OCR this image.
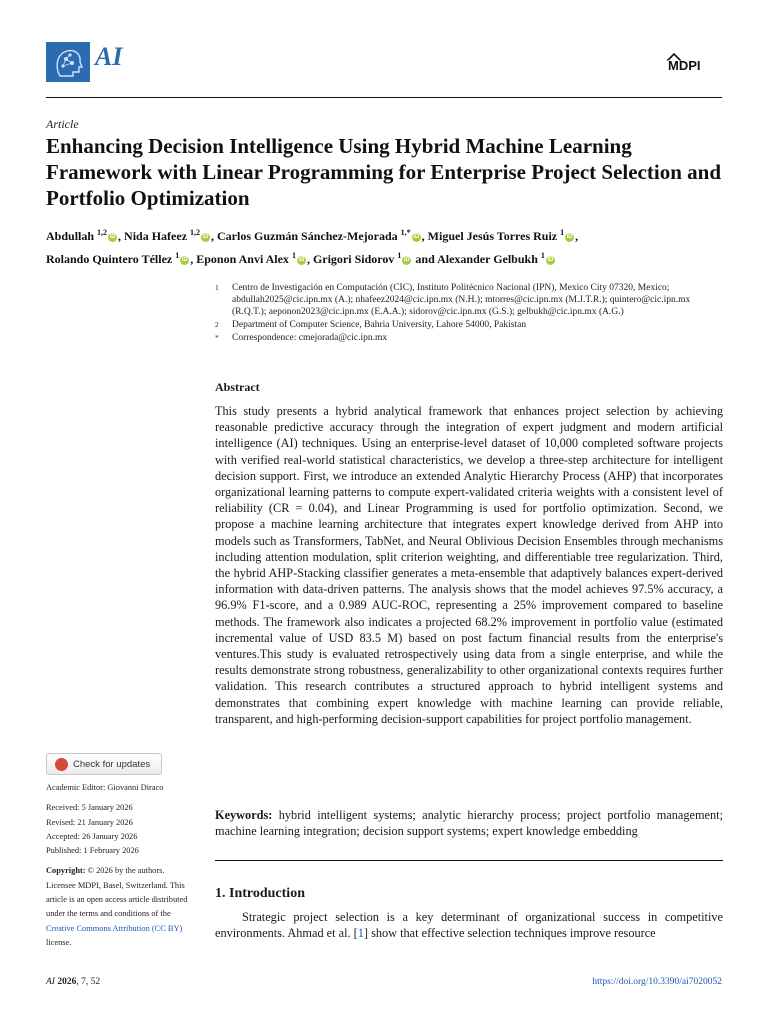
AI	MDPI
Article
Enhancing Decision Intelligence Using Hybrid Machine Learning Framework with Linear Programming for Enterprise Project Selection and Portfolio Optimization
Abdullah $^{1,2}$ iD , Nida Hafeez $^{1,2}$ iD , Carlos Guzmán Sánchez-Mejorada $^{1,*}$ iD , Miguel Jesús Torres Ruiz $^1$ iD ,
Rolando Quintero Téllez $^1$ iD , Eponon Anvi Alex $^1$ iD , Grigori Sidorov $^1$ iD and Alexander Gelbukh $^1$ iD
1	Centro de Investigación en Computación (CIC), Instituto Politécnico Nacional (IPN), Mexico City 07320, Mexico; abdullah2025@cic.ipn.mx (A.); nhafeez2024@cic.ipn.mx (N.H.); mtorres@cic.ipn.mx (M.J.T.R.); quintero@cic.ipn.mx (R.Q.T.); aeponon2023@cic.ipn.mx (E.A.A.); sidorov@cic.ipn.mx (G.S.); gelbukh@cic.ipn.mx (A.G.)
2	Department of Computer Science, Bahria University, Lahore 54000, Pakistan
*	Correspondence: cmejorada@cic.ipn.mx
Abstract
This study presents a hybrid analytical framework that enhances project selection by achieving reasonable predictive accuracy through the integration of expert judgment and modern artificial intelligence (AI) techniques. Using an enterprise-level dataset of 10,000 completed software projects with verified real-world statistical characteristics, we develop a three-step architecture for intelligent decision support. First, we introduce an extended Analytic Hierarchy Process (AHP) that incorporates organizational learning patterns to compute expert-validated criteria weights with a consistent level of reliability (CR = 0.04), and Linear Programming is used for portfolio optimization. Second, we propose a machine learning architecture that integrates expert knowledge derived from AHP into models such as Transformers, TabNet, and Neural Oblivious Decision Ensembles through mechanisms including attention modulation, split criterion weighting, and differentiable tree regularization. Third, the hybrid AHP-Stacking classifier generates a meta-ensemble that adaptively balances expert-derived information with data-driven patterns. The analysis shows that the model achieves 97.5% accuracy, a 96.9% F1-score, and a 0.989 AUC-ROC, representing a 25% improvement compared to baseline methods. The framework also indicates a projected 68.2% improvement in portfolio value (estimated incremental value of USD 83.5 M) based on post factum financial results from the enterprise's ventures.This study is evaluated retrospectively using data from a single enterprise, and while the results demonstrate strong robustness, generalizability to other organizational contexts requires further validation. This research contributes a structured approach to hybrid intelligent systems and demonstrates that combining expert knowledge with machine learning can provide reliable, transparent, and high-performing decision-support capabilities for project portfolio management.
Keywords: hybrid intelligent systems; analytic hierarchy process; project portfolio management; machine learning integration; decision support systems; expert knowledge embedding
1. Introduction
Strategic project selection is a key determinant of organizational success in competitive environments. Ahmad et al. [1] show that effective selection techniques improve resource
Check for updates
Academic Editor: Giovanni Diraco
Received: 5 January 2026
Revised: 21 January 2026
Accepted: 26 January 2026
Published: 1 February 2026
Copyright: © 2026 by the authors. Licensee MDPI, Basel, Switzerland. This article is an open access article distributed under the terms and conditions of the Creative Commons Attribution (CC BY) license.
AI 2026, 7, 52	https://doi.org/10.3390/ai7020052
